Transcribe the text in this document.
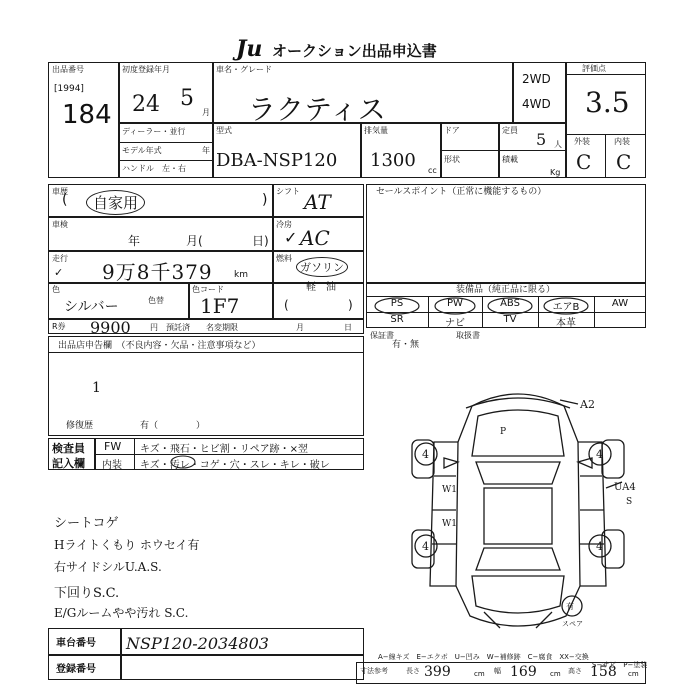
Ju オークション出品申込書
出品番号
[1994]
184
初度登録年月
24 5
月
車名・グレード
ラクティス
2WD
4WD
評価点
3.5
ディーラー・並行
モデル年式	年
ハンドル　左・右
型式
DBA-NSP120
排気量
1300 cc
ドア
形状
定員 5 人
積載
Kg
外装	内装
C C
車歴
自家用
(	)
シフト AT
車検
年	月(	日)
冷房
✓ AC
走行
✓ 9万8千379 km
燃料
ガソリン
軽　油
色
シルバー	色替
色コード
1F7	(	)
R券 9900 円 預託済 名変期限	月	日
セールスポイント（正常に機能するもの）
装備品（純正品に限る）
PS	PW	ABS	エアB	AW
SR	ナビ	TV	本革
保証書
有・無
取扱書
出品店申告欄　（不良内容・欠品・注意事項など）
1
修復歴	有（	）
検査員
記入欄
FW キズ・飛石・ヒビ割・リペア跡・×翌
内装 キズ・汚レ・コゲ・穴・スレ・キレ・破レ
シートコゲ
Hライトくもり ホウセイ有
右サイドシルU.A.S.
下回りS.C.
E/Gルームやや汚れ S.C.
車台番号 NSP120-2034803
登録番号
A2
P
4	4
4	4
W1
W1
UA4
S
有
スペア
A−線キズ　E−エクボ　U−凹み　W−補修跡　C−腐食　XX−交換
S−サビ　P−塗装
寸法参考	長さ 399	cm 幅 169 cm 高さ 158 cm
